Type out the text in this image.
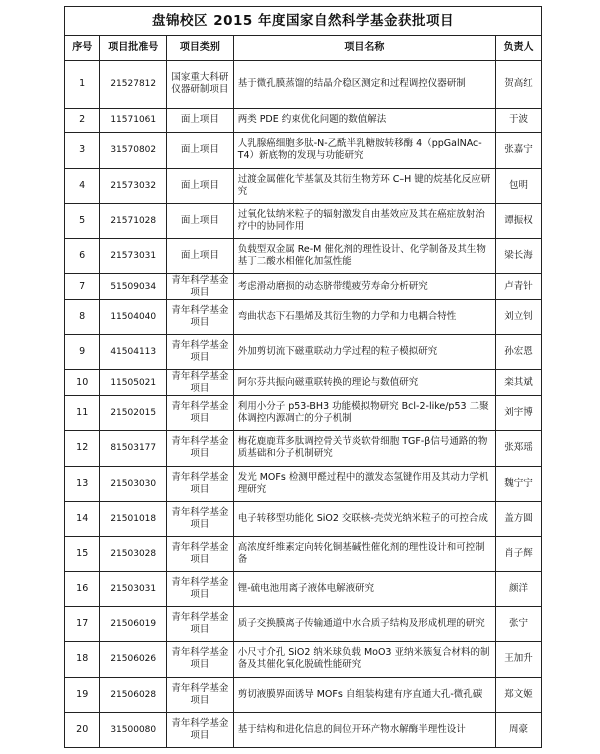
盘锦校区 2015 年度国家自然科学基金获批项目				
序号	项目批准号	项目类别	项目名称	负责人
1	21527812	国家重大科研仪器研制项目	基于微孔膜蒸馏的结晶介稳区测定和过程调控仪器研制	贺高红
2	11571061	面上项目	两类 PDE 约束优化问题的数值解法	于波
3	31570802	面上项目	人乳腺癌细胞多肽-N-乙酰半乳糖胺转移酶 4（ppGalNAc-T4）新底物的发现与功能研究	张嘉宁
4	21573032	面上项目	过渡金属催化苄基氯及其衍生物芳环 C–H 键的烷基化反应研究	包明
5	21571028	面上项目	过氧化钛纳米粒子的辐射激发自由基效应及其在癌症放射治疗中的协同作用	谭振权
6	21573031	面上项目	负载型双金属 Re-M 催化剂的理性设计、化学制备及其生物基丁二酸水相催化加氢性能	梁长海
7	51509034	青年科学基金项目	考虑滑动磨损的动态脐带缆疲劳寿命分析研究	卢青针
8	11504040	青年科学基金项目	弯曲状态下石墨烯及其衍生物的力学和力电耦合特性	刘立钊
9	41504113	青年科学基金项目	外加剪切流下磁重联动力学过程的粒子模拟研究	孙宏恩
10	11505021	青年科学基金项目	阿尔芬共振向磁重联转换的理论与数值研究	栾其斌
11	21502015	青年科学基金项目	利用小分子 p53-BH3 功能模拟物研究 Bcl-2-like/p53 二聚体调控内源凋亡的分子机制	刘宇博
12	81503177	青年科学基金项目	梅花鹿鹿茸多肽调控骨关节炎软骨细胞 TGF-β信号通路的物质基础和分子机制研究	张郑瑶
13	21503030	青年科学基金项目	发光 MOFs 检测甲醛过程中的激发态氢键作用及其动力学机理研究	魏宁宁
14	21501018	青年科学基金项目	电子转移型功能化 SiO2 交联核-壳荧光纳米粒子的可控合成	盖方圆
15	21503028	青年科学基金项目	高浓度纤维素定向转化铜基碱性催化剂的理性设计和可控制备	肖子辉
16	21503031	青年科学基金项目	锂-硫电池用离子液体电解液研究	颜洋
17	21506019	青年科学基金项目	质子交换膜离子传输通道中水合质子结构及形成机理的研究	张宁
18	21506026	青年科学基金项目	小尺寸介孔 SiO2 纳米球负载 MoO3 亚纳米簇复合材料的制备及其催化氧化脱硫性能研究	王加升
19	21506028	青年科学基金项目	剪切液膜界面诱导 MOFs 自组装构建有序直通大孔-微孔碳	郑文姬
20	31500080	青年科学基金项目	基于结构和进化信息的间位开环产物水解酶半理性设计	周豪
